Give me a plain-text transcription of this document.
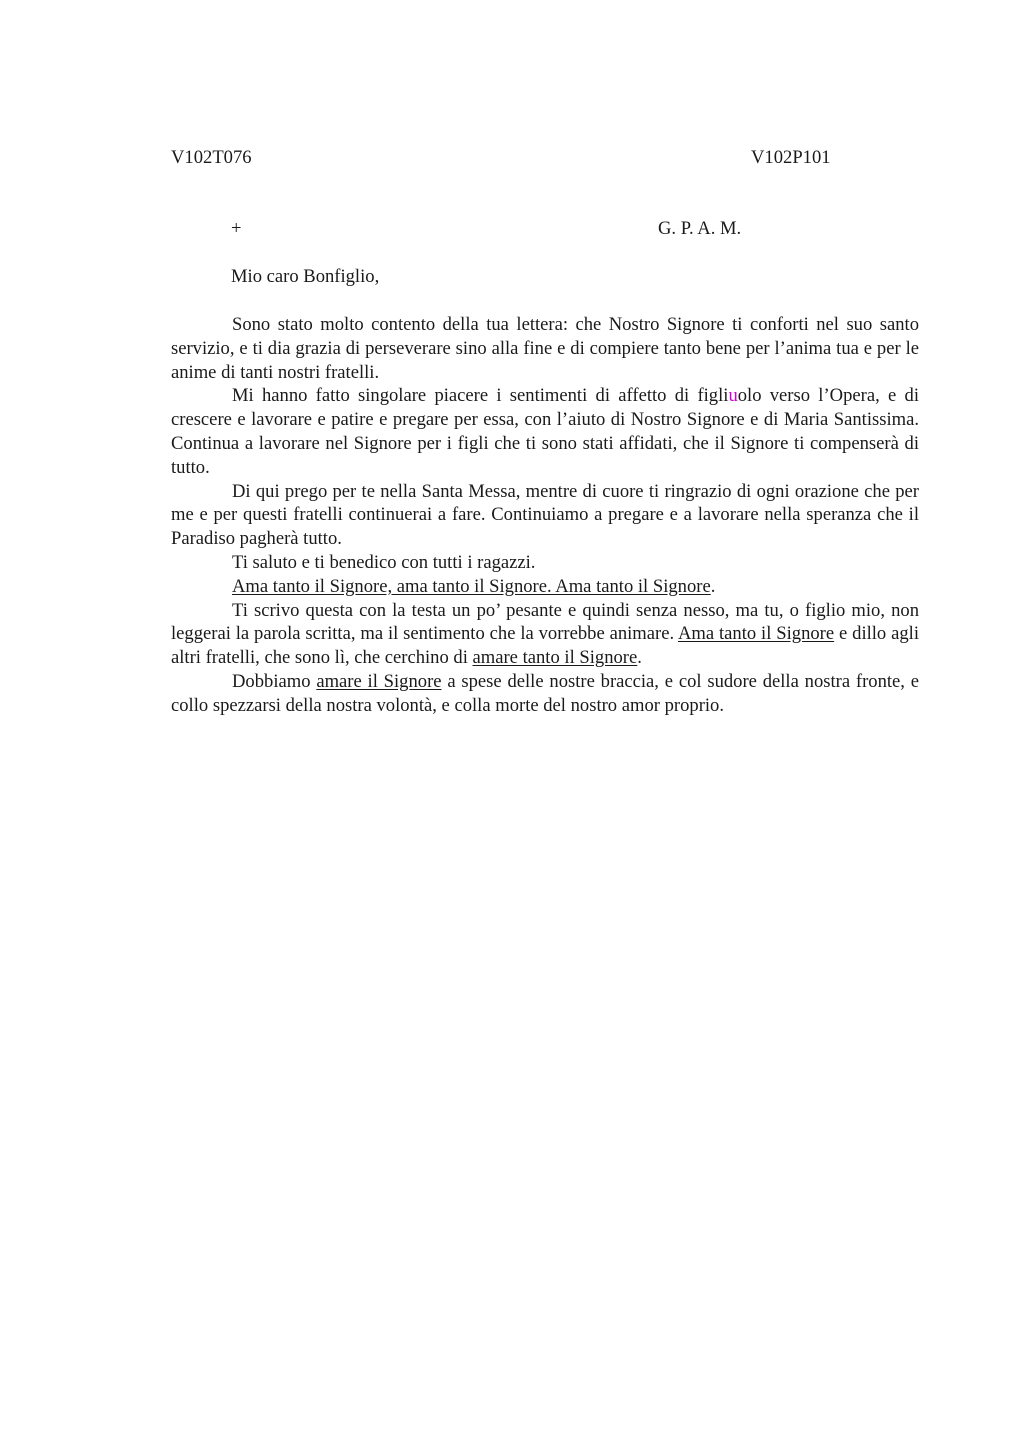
V102T076	V102P101
+	G. P. A. M.
Mio caro Bonfiglio,

Sono stato molto contento della tua lettera: che Nostro Signore ti conforti nel suo santo servizio, e ti dia grazia di perseverare sino alla fine e di compiere tanto bene per l’anima tua e per le anime di tanti nostri fratelli.

Mi hanno fatto singolare piacere i sentimenti di affetto di figliuolo verso l’Opera, e di crescere e lavorare e patire e pregare per essa, con l’aiuto di Nostro Signore e di Maria Santissima. Continua a lavorare nel Signore per i figli che ti sono stati affidati, che il Signore ti compenserà di tutto.

Di qui prego per te nella Santa Messa, mentre di cuore ti ringrazio di ogni orazione che per me e per questi fratelli continuerai a fare. Continuiamo a pregare e a lavorare nella speranza che il Paradiso pagherà tutto.

Ti saluto e ti benedico con tutti i ragazzi.

Ama tanto il Signore, ama tanto il Signore. Ama tanto il Signore.

Ti scrivo questa con la testa un po’ pesante e quindi senza nesso, ma tu, o figlio mio, non leggerai la parola scritta, ma il sentimento che la vorrebbe animare. Ama tanto il Signore e dillo agli altri fratelli, che sono lì, che cerchino di amare tanto il Signore.

Dobbiamo amare il Signore a spese delle nostre braccia, e col sudore della nostra fronte, e collo spezzarsi della nostra volontà, e colla morte del nostro amor proprio.
